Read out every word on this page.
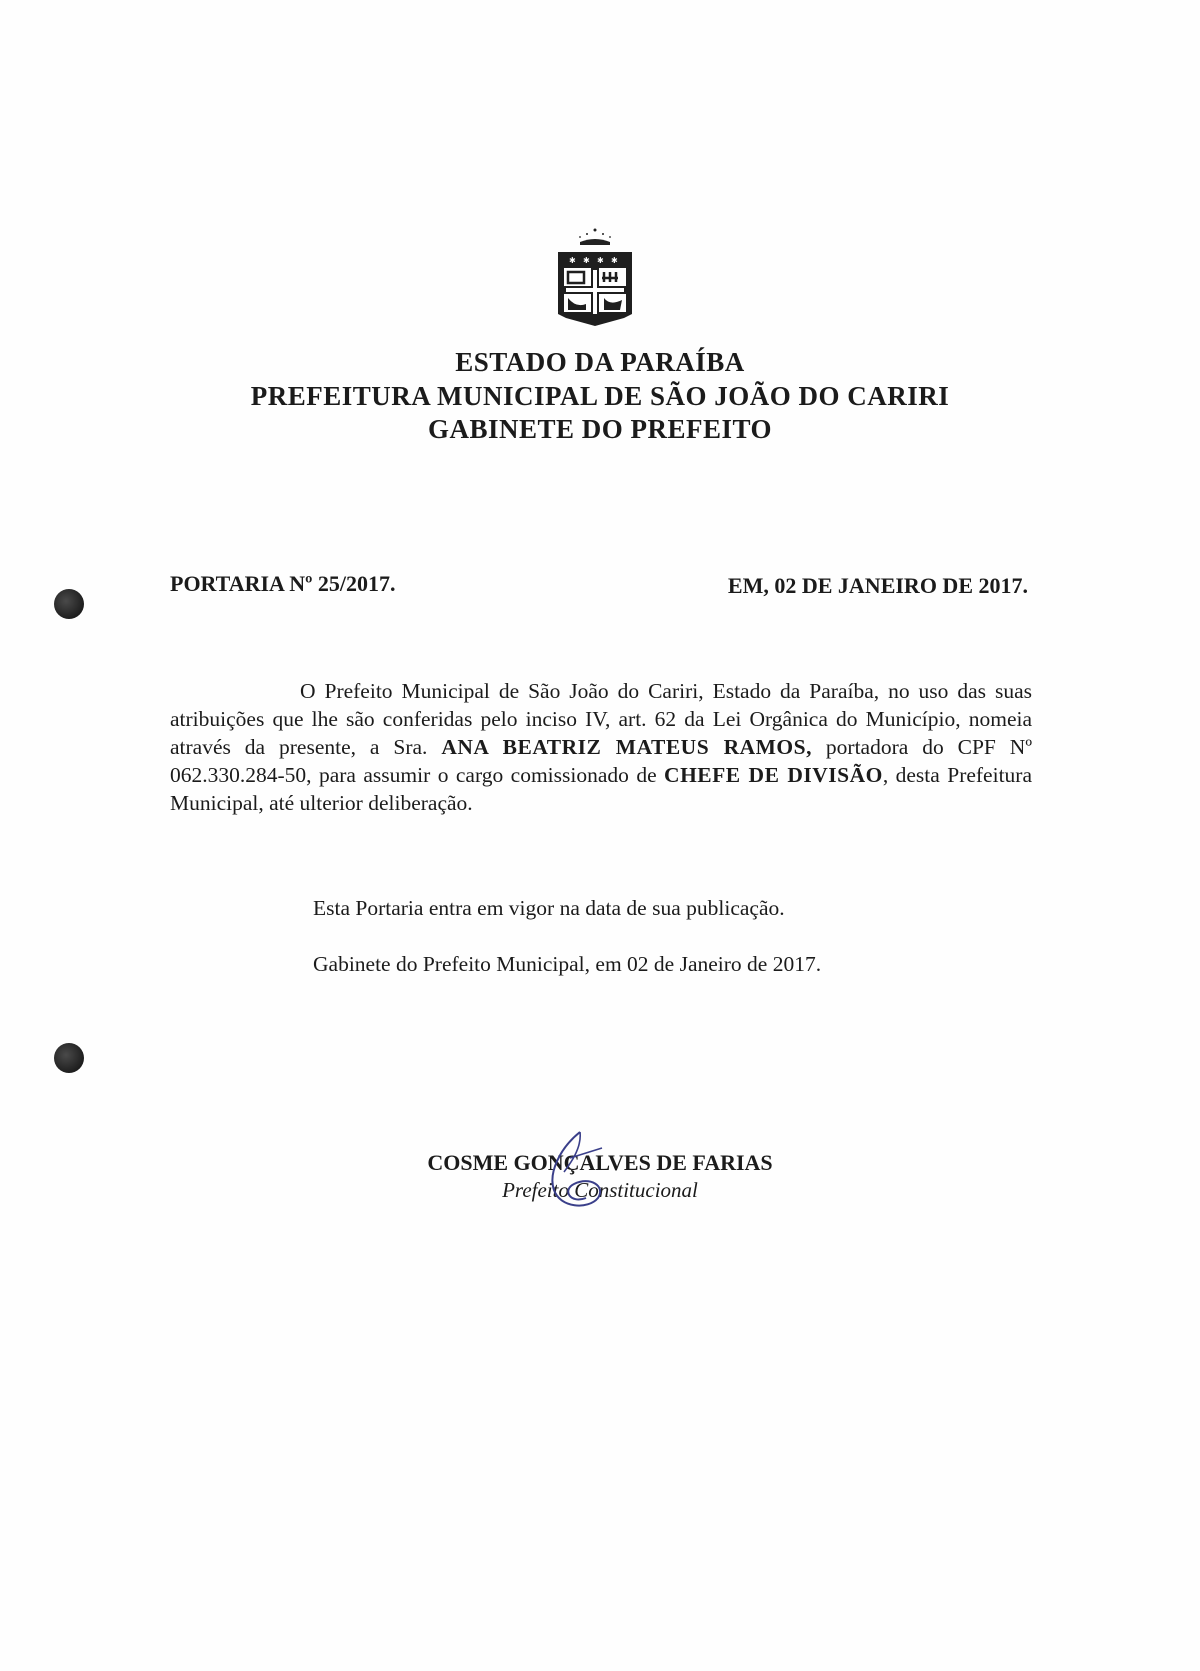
✱ ✱ ✱ ✱
ESTADO DA PARAÍBA
PREFEITURA MUNICIPAL DE SÃO JOÃO DO CARIRI
GABINETE DO PREFEITO
PORTARIA Nº 25/2017.	EM, 02 DE JANEIRO DE 2017.
O Prefeito Municipal de São João do Cariri, Estado da Paraíba, no uso das suas atribuições que lhe são conferidas pelo inciso IV, art. 62 da Lei Orgânica do Município, nomeia através da presente, a Sra. ANA BEATRIZ MATEUS RAMOS, portadora do CPF Nº 062.330.284-50, para assumir o cargo comissionado de CHEFE DE DIVISÃO, desta Prefeitura Municipal, até ulterior deliberação.
Esta Portaria entra em vigor na data de sua publicação.
Gabinete do Prefeito Municipal, em 02 de Janeiro de 2017.
COSME GONÇALVES DE FARIAS
Prefeito Constitucional
